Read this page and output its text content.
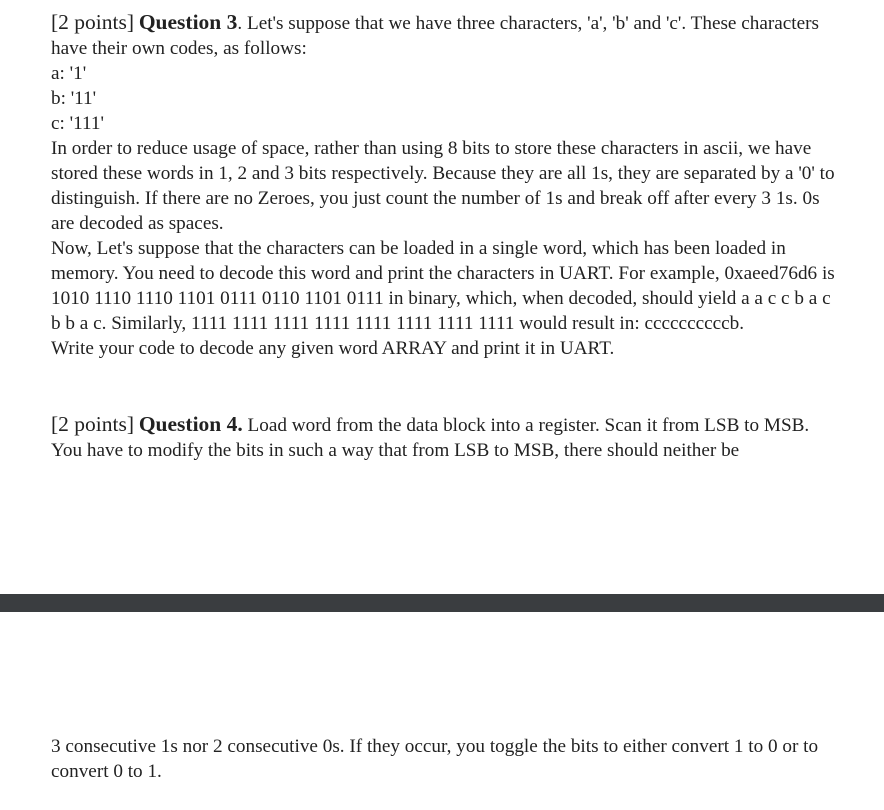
[2 points] Question 3. Let's suppose that we have three characters, 'a', 'b' and 'c'. These characters have their own codes, as follows:

a: '1'

b: '11'

c: '111'

In order to reduce usage of space, rather than using 8 bits to store these characters in ascii, we have stored these words in 1, 2 and 3 bits respectively. Because they are all 1s, they are separated by a '0' to distinguish. If there are no Zeroes, you just count the number of 1s and break off after every 3 1s. 0s are decoded as spaces.

Now, Let's suppose that the characters can be loaded in a single word, which has been loaded in memory. You need to decode this word and print the characters in UART. For example, 0xaeed76d6 is 1010 1110 1110 1101 0111 0110 1101 0111 in binary, which, when decoded, should yield a a c c b a c b b a c. Similarly, 1111 1111 1111 1111 1111 1111 1111 1111 would result in: ccccccccccb.

Write your code to decode any given word ARRAY and print it in UART.

[2 points] Question 4. Load word from the data block into a register. Scan it from LSB to MSB. You have to modify the bits in such a way that from LSB to MSB, there should neither be

3 consecutive 1s nor 2 consecutive 0s. If they occur, you toggle the bits to either convert 1 to 0 or to convert 0 to 1.
